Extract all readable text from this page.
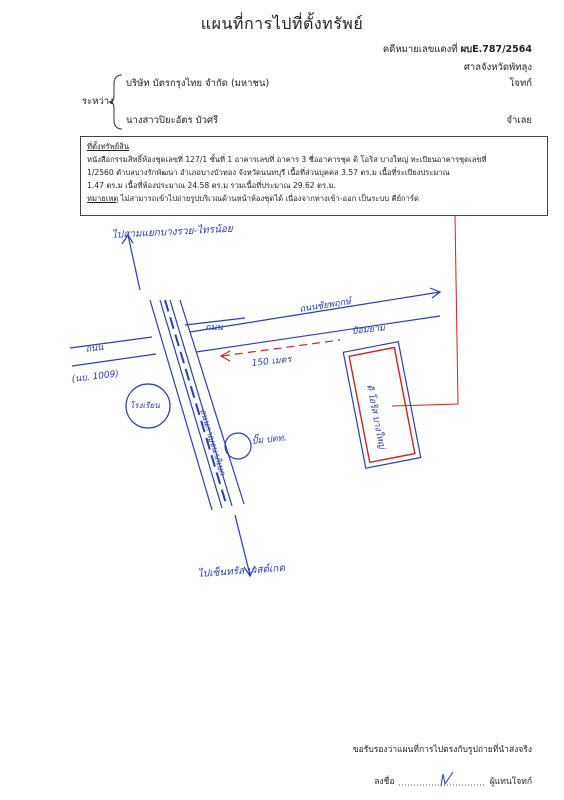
แผนที่การไปที่ตั้งทรัพย์
คดีหมายเลขแดงที่ ผบE.787/2564
ศาลจังหวัดพัทลุง
ระหว่าง
บริษัท บัตรกรุงไทย จำกัด (มหาชน)	โจทก์
นางสาวปิยะอัตร บัวศรี	จำเลย
ที่ตั้งทรัพย์สิน
หนังสือกรรมสิทธิ์ห้องชุดเลขที่ 127/1 ชั้นที่ 1 อาคารเลขที่ อาคาร 3 ชื่ออาคารชุด ดิ โอริส บางใหญ่ ทะเบียนอาคารชุดเลขที่
1/2560 ตำบลบางรักพัฒนา อำเภอบางบัวทอง จังหวัดนนทบุรี เนื้อที่ส่วนบุคคล 3.57 ตร.ม เนื้อที่ระเบียงประมาณ
1.47 ตร.ม เนื้อที่ห้องประมาณ 24.58 ตร.ม รวมเนื้อที่ประมาณ 29.62 ตร.ม.
หมายเหตุ ไม่สามารถเข้าไปถ่ายรูปบริเวณด้านหน้าห้องชุดได้ เนื่องจากทางเข้า-ออก เป็นระบบ คีย์การ์ด
ไปสามแยกบางรวย-ไทรน้อย
ถนน
ถนนชัยพฤกษ์
ถนน
(นบ. 1009)
ถนนกาญจนาภิเษก
150 เมตร
ดิ โอริส บางใหญ่
ป้อมยาม
ปั๊ม ปตท.
โรงเรียน
ไปเซ็นทรัล เวสต์เกต
ขอรับรองว่าแผนที่การไปตรงกับรูปถ่ายที่นำส่งจริง
ลงชื่อ	ผู้แทนโจทก์
